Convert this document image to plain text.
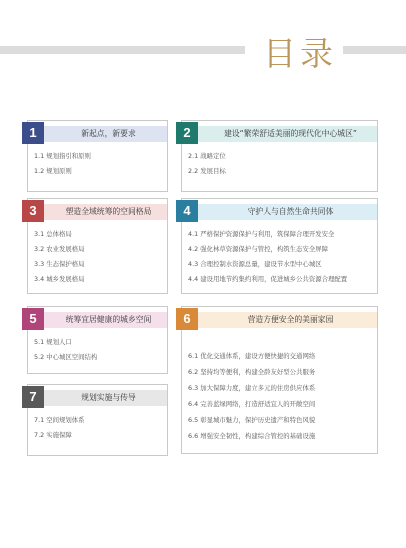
目录
1	新起点，新要求
1.1 规划指引和原则
1.2 规划原则
2	建设“繁荣舒适美丽的现代化中心城区”
2.1 战略定位
2.2 发展目标
3	塑造全域统筹的空间格局
3.1 总体格局
3.2 农业发展格局
3.3 生态保护格局
3.4 城乡发展格局
4	守护人与自然生命共同体
4.1 严格保护资源保护与利用，筑保障合理开发安全
4.2 强化林草资源保护与管控，构筑生态安全屏障
4.3 合理控制水资源总量，建设节水型中心城区
4.4 建设用地节约集约利用，促进城乡公共资源合理配置
5	统筹宜居健康的城乡空间
5.1 规划人口
5.2 中心城区空间结构
6	营造方便安全的美丽家园
6.1 优化交通体系，建设方便快捷的交通网络
6.2 坚持均等便利，构建全龄友好型公共服务
6.3 加大保障力度，建立多元的住房供应体系
6.4 完善蓝绿网络，打造舒适宜人的开敞空间
6.5 彰显城市魅力，保护历史遗产和特色风貌
6.6 增强安全韧性，构建综合管控的基础设施
7	规划实施与传导
7.1 空间规划体系
7.2 实施保障
